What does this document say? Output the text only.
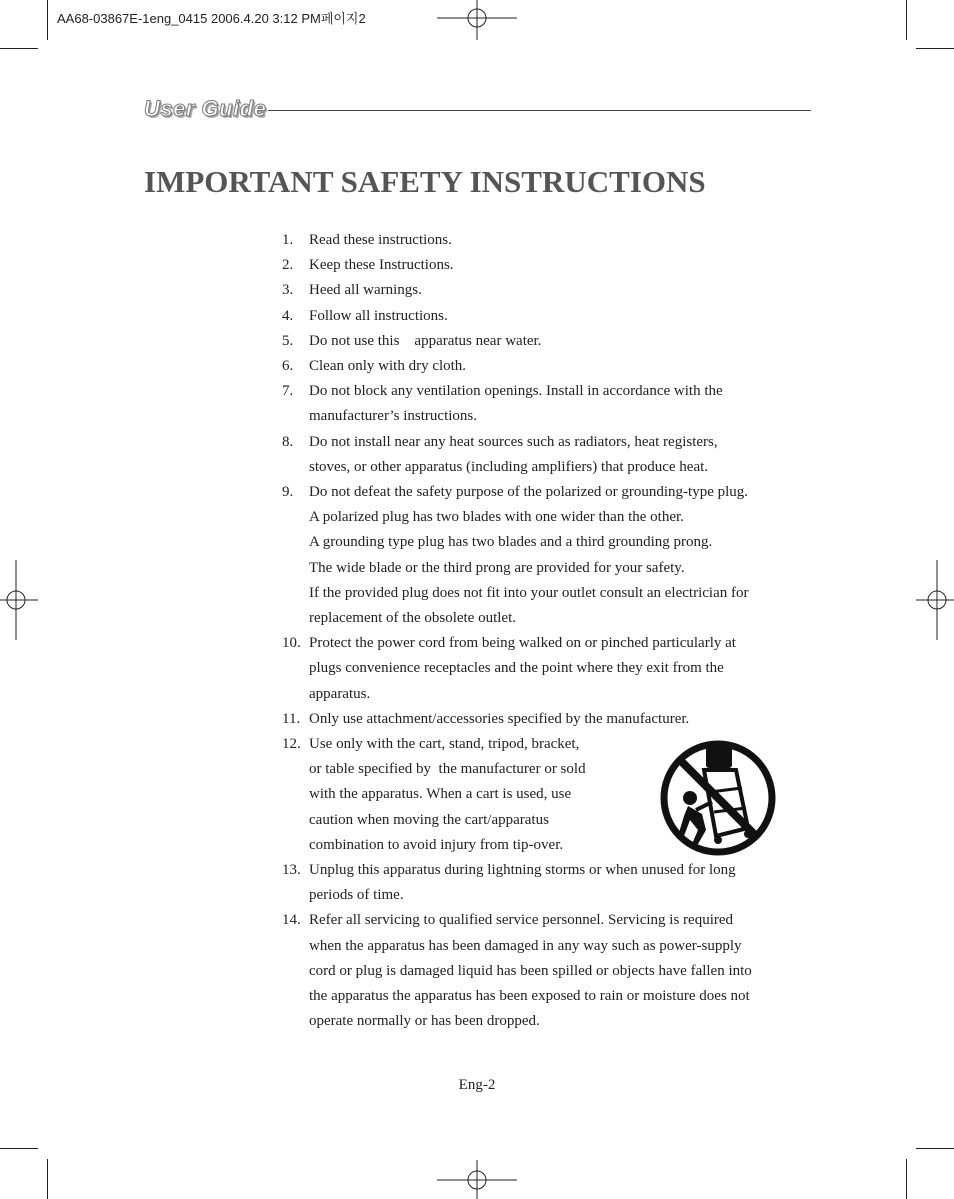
AA68-03867E-1eng_0415 2006.4.20 3:12 PM페이지2
User Guide
IMPORTANT SAFETY INSTRUCTIONS
1. Read these instructions.
2. Keep these Instructions.
3. Heed all warnings.
4. Follow all instructions.
5. Do not use this    apparatus near water.
6. Clean only with dry cloth.
7. Do not block any ventilation openings. Install in accordance with the
manufacturer’s instructions.
8. Do not install near any heat sources such as radiators, heat registers,
stoves, or other apparatus (including amplifiers) that produce heat.
9. Do not defeat the safety purpose of the polarized or grounding-type plug.
A polarized plug has two blades with one wider than the other.
A grounding type plug has two blades and a third grounding prong.
The wide blade or the third prong are provided for your safety.
If the provided plug does not fit into your outlet consult an electrician for
replacement of the obsolete outlet.
10. Protect the power cord from being walked on or pinched particularly at
plugs convenience receptacles and the point where they exit from the
apparatus.
11. Only use attachment/accessories specified by the manufacturer.
12. Use only with the cart, stand, tripod, bracket,
or table specified by  the manufacturer or sold
with the apparatus. When a cart is used, use
caution when moving the cart/apparatus
combination to avoid injury from tip-over.
13. Unplug this apparatus during lightning storms or when unused for long
periods of time.
14. Refer all servicing to qualified service personnel. Servicing is required
when the apparatus has been damaged in any way such as power-supply
cord or plug is damaged liquid has been spilled or objects have fallen into
the apparatus the apparatus has been exposed to rain or moisture does not
operate normally or has been dropped.
Eng-2
